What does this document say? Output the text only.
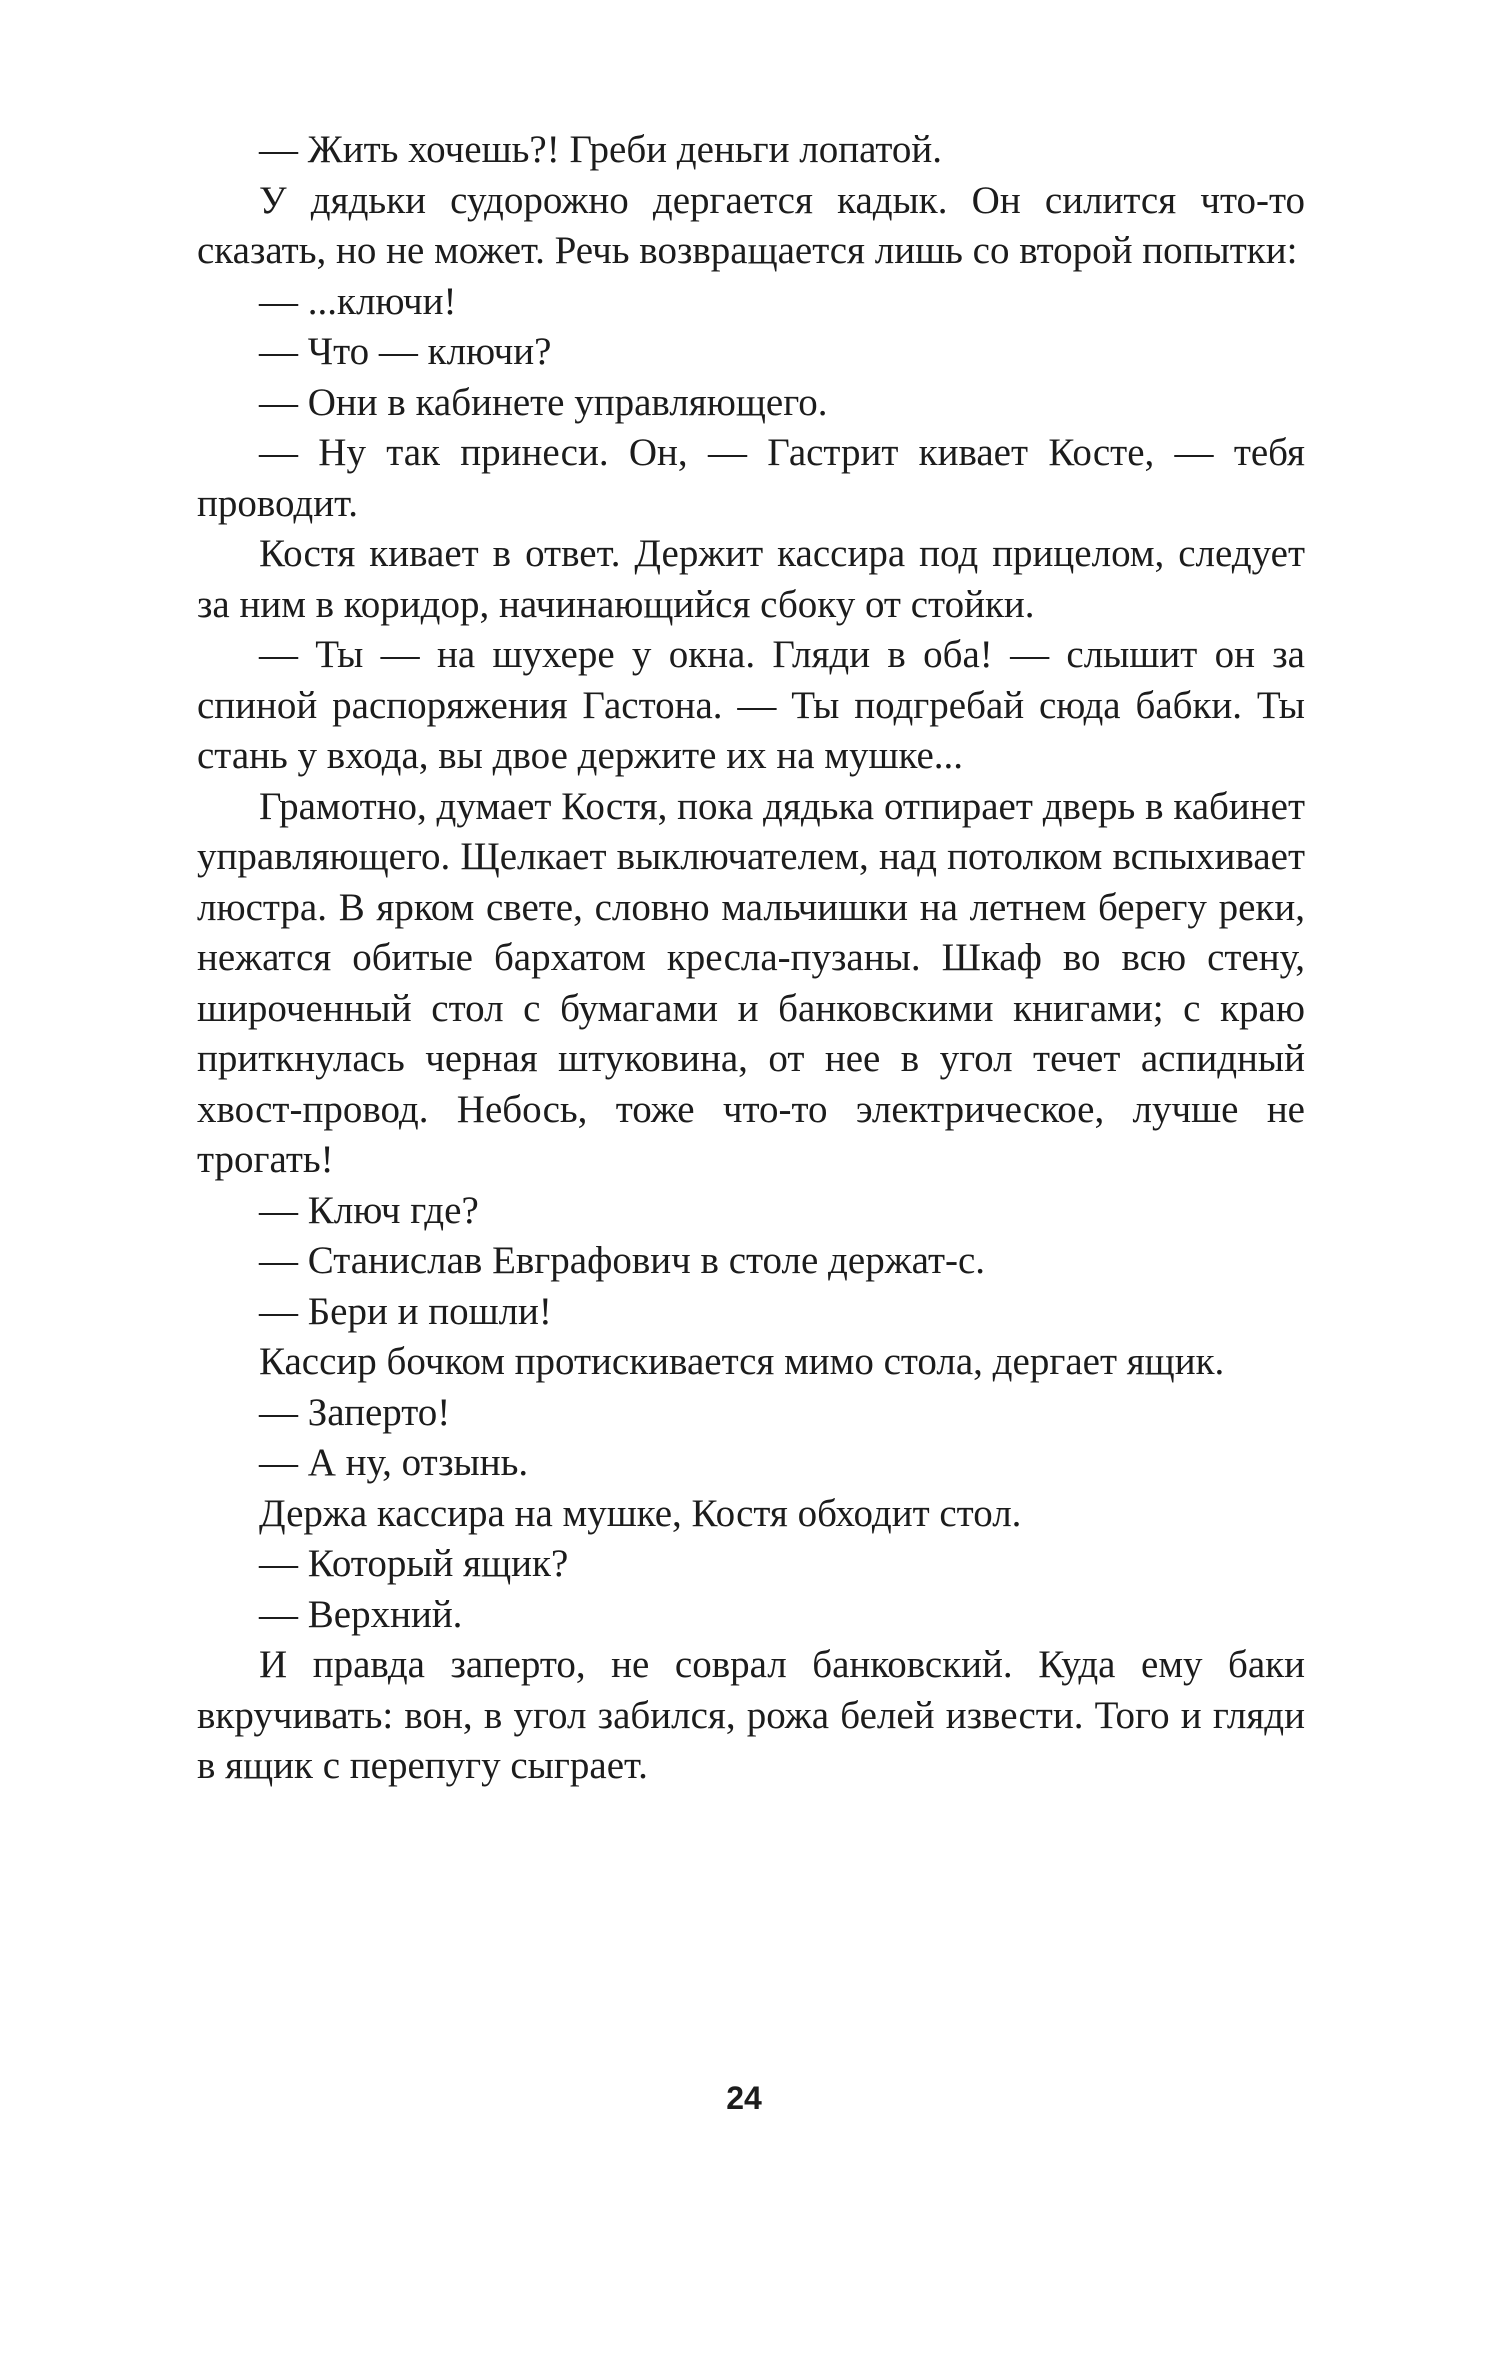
— Жить хочешь?! Греби деньги лопатой.

У дядьки судорожно дергается кадык. Он силится что-то сказать, но не может. Речь возвращается лишь со второй попытки:

— ...ключи!

— Что — ключи?

— Они в кабинете управляющего.

— Ну так принеси. Он, — Гастрит кивает Косте, — тебя проводит.

Костя кивает в ответ. Держит кассира под прицелом, следует за ним в коридор, начинающийся сбоку от стойки.

— Ты — на шухере у окна. Гляди в оба! — слышит он за спиной распоряжения Гастона. — Ты подгребай сюда бабки. Ты стань у входа, вы двое держите их на мушке...

Грамотно, думает Костя, пока дядька отпирает дверь в кабинет управляющего. Щелкает выключателем, над потолком вспыхивает люстра. В ярком свете, словно мальчишки на летнем берегу реки, нежатся обитые бархатом кресла-пузаны. Шкаф во всю стену, широченный стол с бумагами и банковскими книгами; с краю приткнулась черная штуковина, от нее в угол течет аспидный хвост-провод. Небось, тоже что-то электрическое, лучше не трогать!

— Ключ где?

— Станислав Евграфович в столе держат-с.

— Бери и пошли!

Кассир бочком протискивается мимо стола, дергает ящик.

— Заперто!

— А ну, отзынь.

Держа кассира на мушке, Костя обходит стол.

— Который ящик?

— Верхний.

И правда заперто, не соврал банковский. Куда ему баки вкручивать: вон, в угол забился, рожа белей извести. Того и гляди в ящик с перепугу сыграет.

24
